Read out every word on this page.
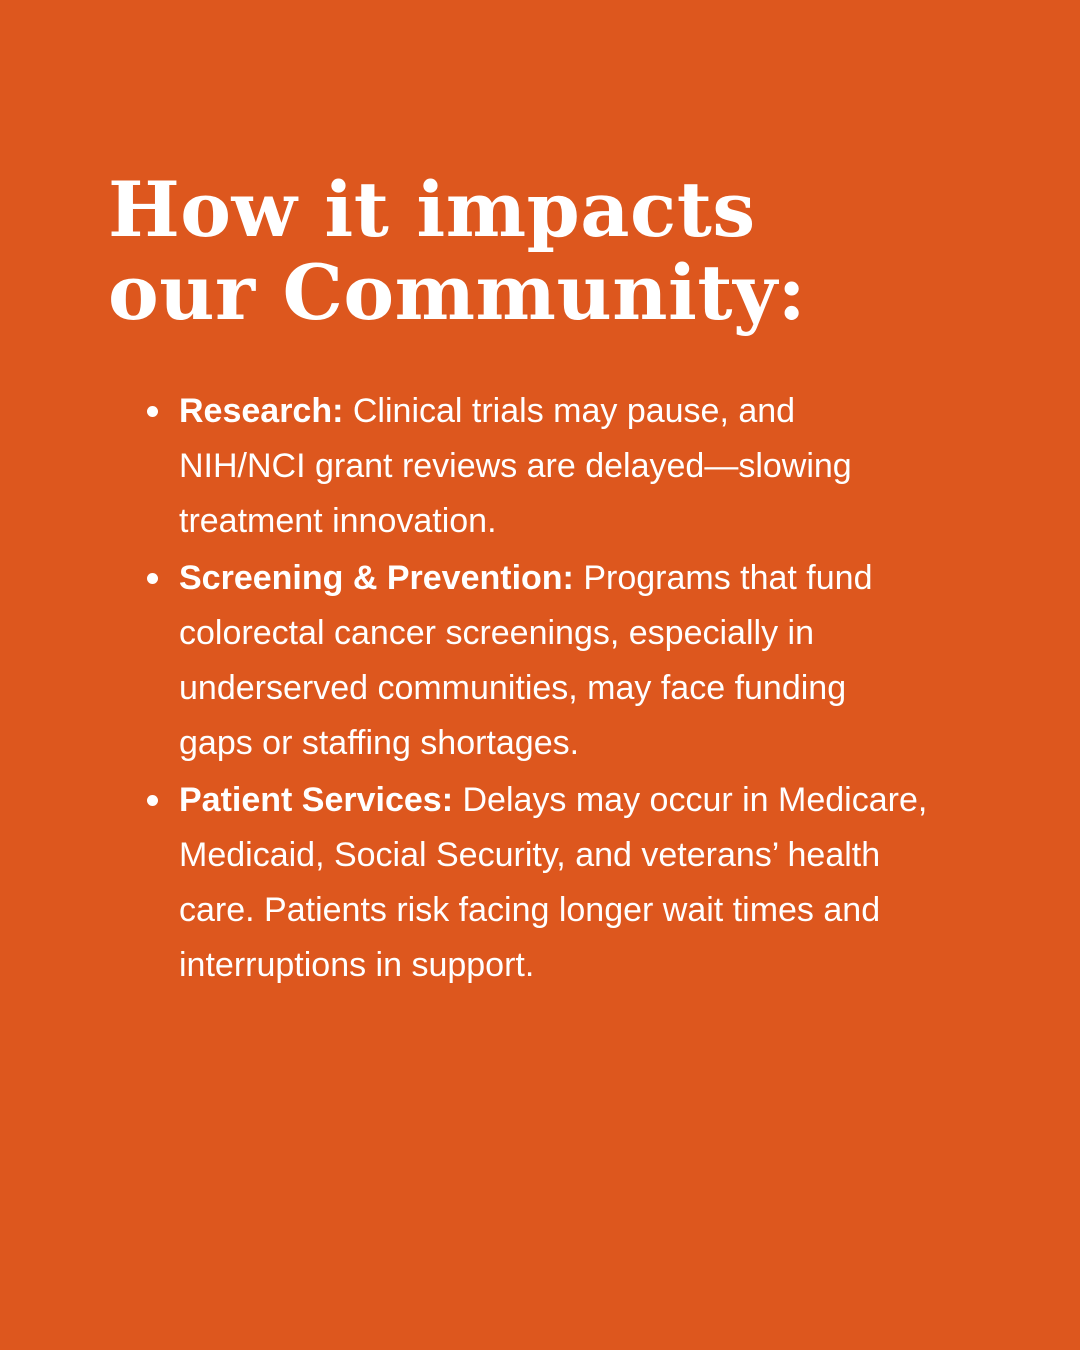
How it impacts
our Community:

Research: Clinical trials may pause, and
NIH/NCI grant reviews are delayed—slowing
treatment innovation.

Screening & Prevention: Programs that fund
colorectal cancer screenings, especially in
underserved communities, may face funding
gaps or staffing shortages.

Patient Services: Delays may occur in Medicare,
Medicaid, Social Security, and veterans’ health
care. Patients risk facing longer wait times and
interruptions in support.
